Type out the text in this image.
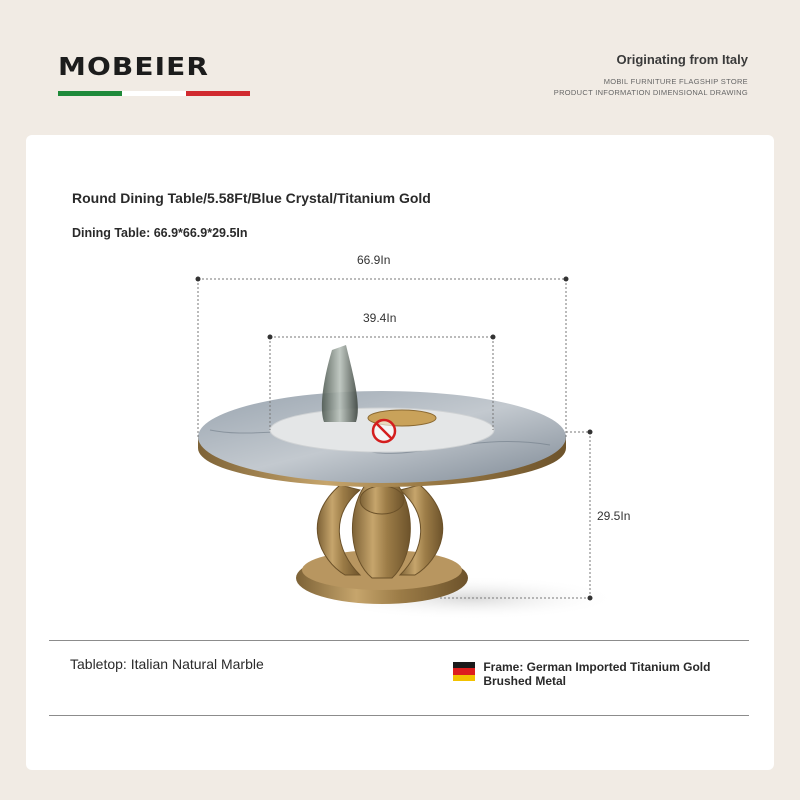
MOBEIER	Originating from Italy
MOBIL FURNITURE FLAGSHIP STORE
PRODUCT INFORMATION DIMENSIONAL DRAWING
Round Dining Table/5.58Ft/Blue Crystal/Titanium Gold
Dining Table: 66.9*66.9*29.5In
66.9In
39.4In
29.5In
Tabletop: Italian Natural Marble	Frame: German Imported Titanium Gold Brushed Metal
